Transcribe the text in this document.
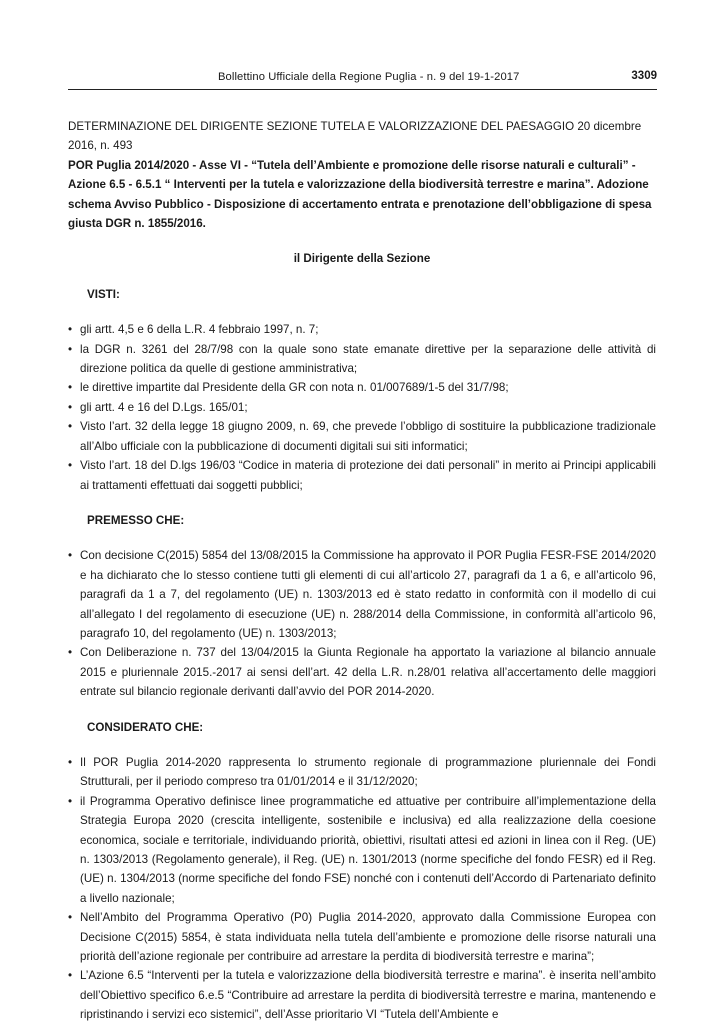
Bollettino Ufficiale della Regione Puglia - n. 9 del 19-1-2017	3309

DETERMINAZIONE DEL DIRIGENTE SEZIONE TUTELA E VALORIZZAZIONE DEL PAESAGGIO 20 dicembre 2016, n. 493

POR Puglia 2014/2020 - Asse VI - “Tutela dell’Ambiente e promozione delle risorse naturali e culturali” - Azione 6.5 - 6.5.1 “ Interventi per la tutela e valorizzazione della biodiversità terrestre e marina”. Adozione schema Avviso Pubblico - Disposizione di accertamento entrata e prenotazione dell’obbligazione di spesa giusta DGR n. 1855/2016.

il Dirigente della Sezione

VISTI:

• gli artt. 4,5 e 6 della L.R. 4 febbraio 1997, n. 7;
• la DGR n. 3261 del 28/7/98 con la quale sono state emanate direttive per la separazione delle attività di direzione politica da quelle di gestione amministrativa;
• le direttive impartite dal Presidente della GR con nota n. 01/007689/1-5 del 31/7/98;
• gli artt. 4 e 16 del D.Lgs. 165/01;
• Visto l’art. 32 della legge 18 giugno 2009, n. 69, che prevede l’obbligo di sostituire la pubblicazione tradizionale all’Albo ufficiale con la pubblicazione di documenti digitali sui siti informatici;
• Visto l’art. 18 del D.lgs 196/03 “Codice in materia di protezione dei dati personali” in merito ai Principi applicabili ai trattamenti effettuati dai soggetti pubblici;

PREMESSO CHE:

• Con decisione C(2015) 5854 del 13/08/2015 la Commissione ha approvato il POR Puglia FESR-FSE 2014/2020 e ha dichiarato che lo stesso contiene tutti gli elementi di cui all’articolo 27, paragrafi da 1 a 6, e all’articolo 96, paragrafi da 1 a 7, del regolamento (UE) n. 1303/2013 ed è stato redatto in conformità con il modello di cui all’allegato I del regolamento di esecuzione (UE) n. 288/2014 della Commissione, in conformità all’articolo 96, paragrafo 10, del regolamento (UE) n. 1303/2013;
• Con Deliberazione n. 737 del 13/04/2015 la Giunta Regionale ha apportato la variazione al bilancio annuale 2015 e pluriennale 2015.-2017 ai sensi dell’art. 42 della L.R. n.28/01 relativa all’accertamento delle maggiori entrate sul bilancio regionale derivanti dall’avvio del POR 2014-2020.

CONSIDERATO CHE:

• Il POR Puglia 2014-2020 rappresenta lo strumento regionale di programmazione pluriennale dei Fondi Strutturali, per il periodo compreso tra 01/01/2014 e il 31/12/2020;
• il Programma Operativo definisce linee programmatiche ed attuative per contribuire all’implementazione della Strategia Europa 2020 (crescita intelligente, sostenibile e inclusiva) ed alla realizzazione della coesione economica, sociale e territoriale, individuando priorità, obiettivi, risultati attesi ed azioni in linea con il Reg. (UE) n. 1303/2013 (Regolamento generale), il Reg. (UE) n. 1301/2013 (norme specifiche del fondo FESR) ed il Reg. (UE) n. 1304/2013 (norme specifiche del fondo FSE) nonché con i contenuti dell’Accordo di Partenariato definito a livello nazionale;
• Nell’Ambito del Programma Operativo (P0) Puglia 2014-2020, approvato dalla Commissione Europea con Decisione C(2015) 5854, è stata individuata nella tutela dell’ambiente e promozione delle risorse naturali una priorità dell’azione regionale per contribuire ad arrestare la perdita di biodiversità terrestre e marina”;
• L’Azione 6.5 “Interventi per la tutela e valorizzazione della biodiversità terrestre e marina”. è inserita nell’ambito dell’Obiettivo specifico 6.e.5 “Contribuire ad arrestare la perdita di biodiversità terrestre e marina, mantenendo e ripristinando i servizi eco sistemici”, dell’Asse prioritario VI “Tutela dell’Ambiente e
